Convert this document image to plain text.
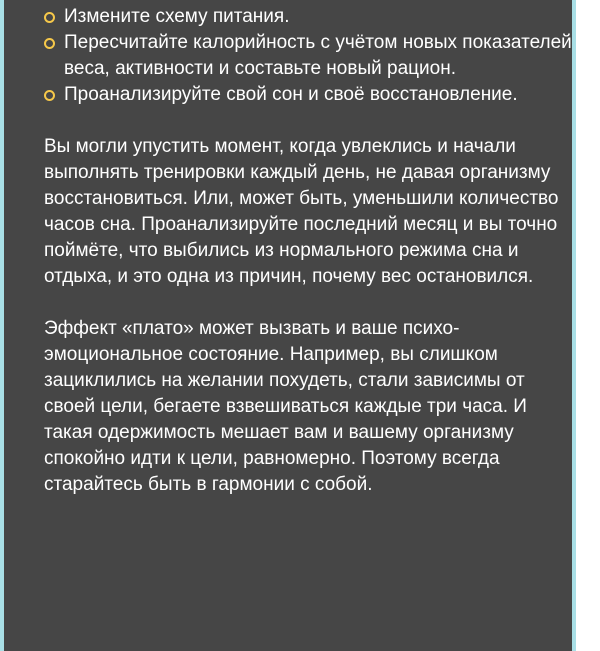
Измените схему питания.
Пересчитайте калорийность с учётом новых показателей веса, активности и составьте новый рацион.
Проанализируйте свой сон и своё восстановление.

Вы могли упустить момент, когда увлеклись и начали выполнять тренировки каждый день, не давая организму восстановиться. Или, может быть, уменьшили количество часов сна. Проанализируйте последний месяц и вы точно поймёте, что выбились из нормального режима сна и отдыха, и это одна из причин, почему вес остановился.

Эффект «плато» может вызвать и ваше психо-эмоциональное состояние. Например, вы слишком зациклились на желании похудеть, стали зависимы от своей цели, бегаете взвешиваться каждые три часа. И такая одержимость мешает вам и вашему организму спокойно идти к цели, равномерно. Поэтому всегда старайтесь быть в гармонии с собой.
